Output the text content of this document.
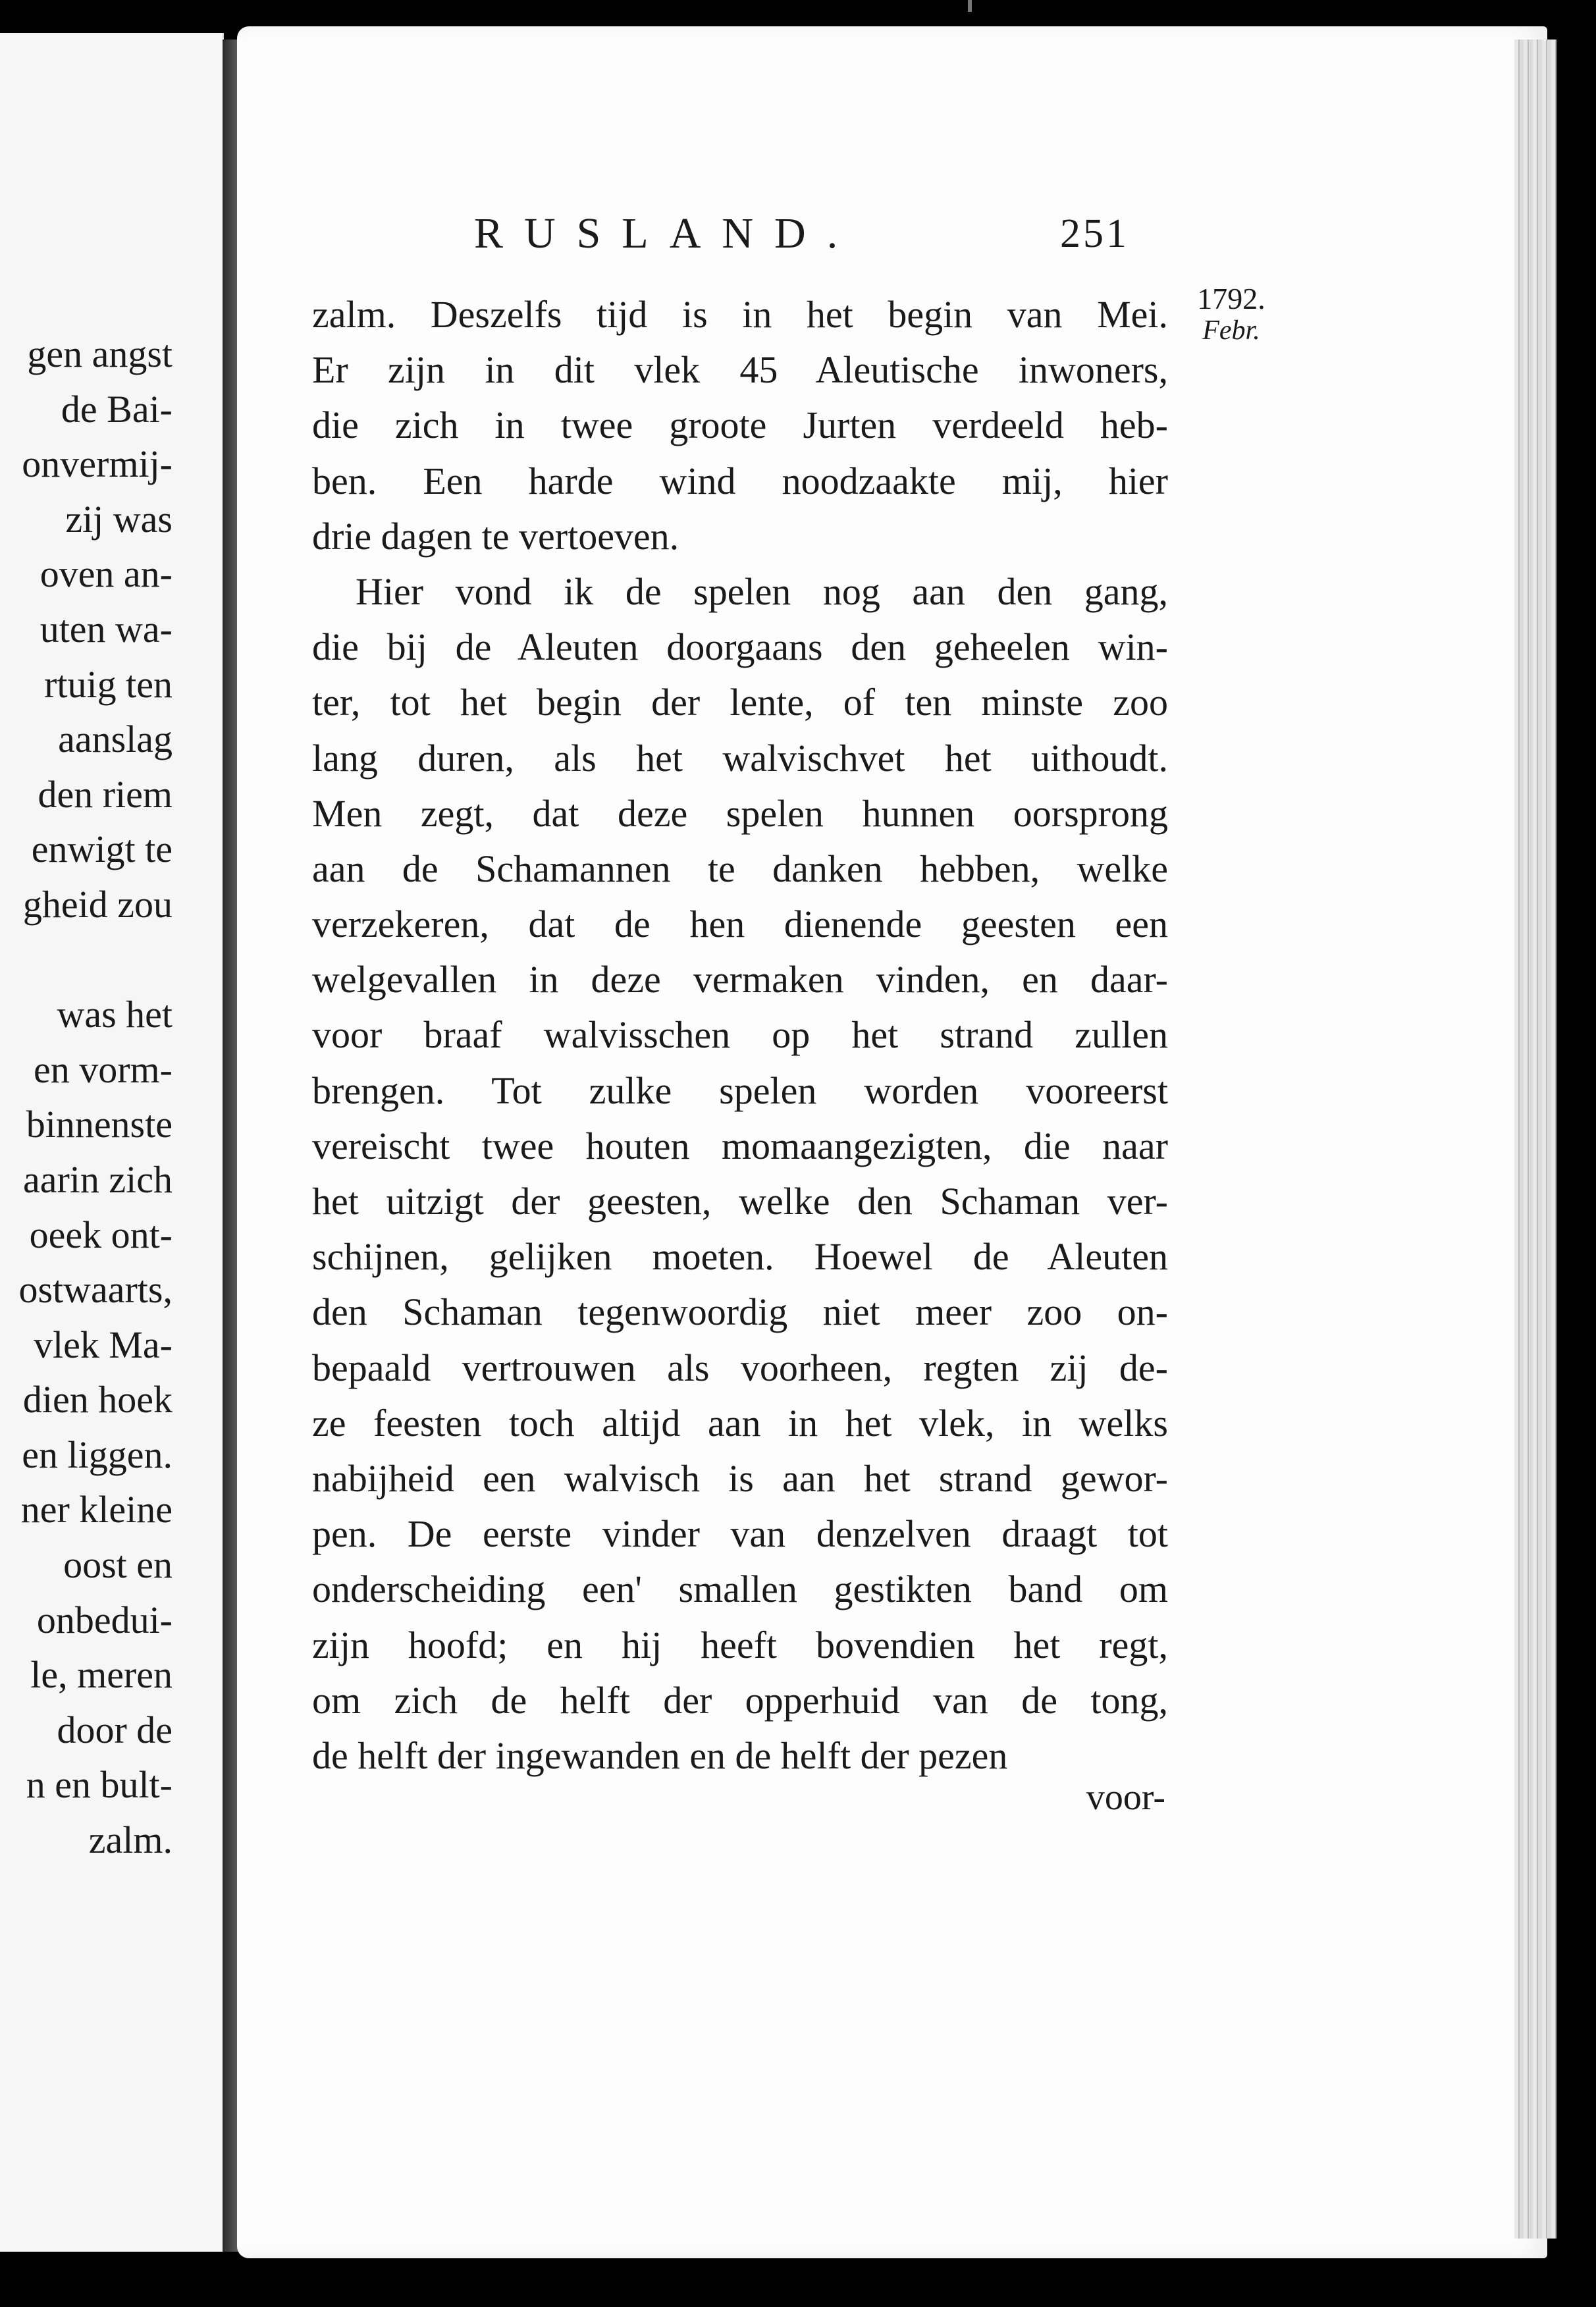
gen angst
de Bai-
onvermij-
zij was
oven an-
uten wa-
rtuig ten
aanslag
den riem
enwigt te
gheid zou
was het
en vorm-
binnenste
aarin zich
oeek ont-
ostwaarts,
vlek Ma-
dien hoek
en liggen.
ner kleine
oost en
onbedui-
le, meren
door de
n en bult-
zalm.
RUSLAND.	251
1792.
Febr.
zalm. Deszelfs tijd is in het begin van Mei.
Er zijn in dit vlek 45 Aleutische inwoners,
die zich in twee groote Jurten verdeeld heb-
ben. Een harde wind noodzaakte mij, hier
drie dagen te vertoeven.
Hier vond ik de spelen nog aan den gang,
die bij de Aleuten doorgaans den geheelen win-
ter, tot het begin der lente, of ten minste zoo
lang duren, als het walvischvet het uithoudt.
Men zegt, dat deze spelen hunnen oorsprong
aan de Schamannen te danken hebben, welke
verzekeren, dat de hen dienende geesten een
welgevallen in deze vermaken vinden, en daar-
voor braaf walvisschen op het strand zullen
brengen. Tot zulke spelen worden vooreerst
vereischt twee houten momaangezigten, die naar
het uitzigt der geesten, welke den Schaman ver-
schijnen, gelijken moeten. Hoewel de Aleuten
den Schaman tegenwoordig niet meer zoo on-
bepaald vertrouwen als voorheen, regten zij de-
ze feesten toch altijd aan in het vlek, in welks
nabijheid een walvisch is aan het strand gewor-
pen. De eerste vinder van denzelven draagt tot
onderscheiding een' smallen gestikten band om
zijn hoofd; en hij heeft bovendien het regt,
om zich de helft der opperhuid van de tong,
de helft der ingewanden en de helft der pezen
voor-
